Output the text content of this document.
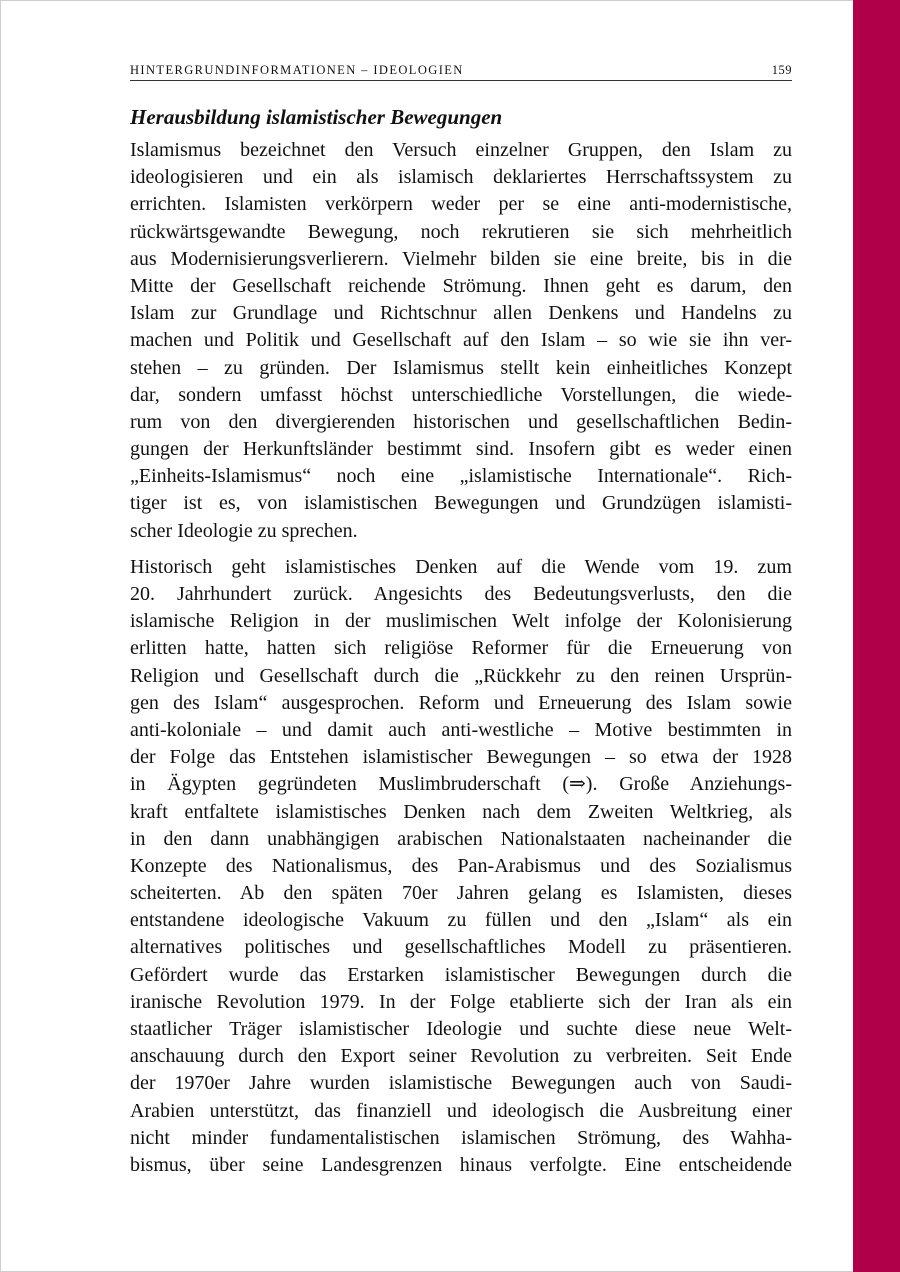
HINTERGRUNDINFORMATIONEN – IDEOLOGIEN	159
Herausbildung islamistischer Bewegungen
Islamismus bezeichnet den Versuch einzelner Gruppen, den Islam zu
ideologisieren und ein als islamisch deklariertes Herrschaftssystem zu
errichten. Islamisten verkörpern weder per se eine anti-modernistische,
rückwärtsgewandte Bewegung, noch rekrutieren sie sich mehrheitlich
aus Modernisierungsverlierern. Vielmehr bilden sie eine breite, bis in die
Mitte der Gesellschaft reichende Strömung. Ihnen geht es darum, den
Islam zur Grundlage und Richtschnur allen Denkens und Handelns zu
machen und Politik und Gesellschaft auf den Islam – so wie sie ihn ver-
stehen – zu gründen. Der Islamismus stellt kein einheitliches Konzept
dar, sondern umfasst höchst unterschiedliche Vorstellungen, die wiede-
rum von den divergierenden historischen und gesellschaftlichen Bedin-
gungen der Herkunftsländer bestimmt sind. Insofern gibt es weder einen
„Einheits-Islamismus“ noch eine „islamistische Internationale“. Rich-
tiger ist es, von islamistischen Bewegungen und Grundzügen islamisti-
scher Ideologie zu sprechen.
Historisch geht islamistisches Denken auf die Wende vom 19. zum
20. Jahrhundert zurück. Angesichts des Bedeutungsverlusts, den die
islamische Religion in der muslimischen Welt infolge der Kolonisierung
erlitten hatte, hatten sich religiöse Reformer für die Erneuerung von
Religion und Gesellschaft durch die „Rückkehr zu den reinen Ursprün-
gen des Islam“ ausgesprochen. Reform und Erneuerung des Islam sowie
anti-koloniale – und damit auch anti-westliche – Motive bestimmten in
der Folge das Entstehen islamistischer Bewegungen – so etwa der 1928
in Ägypten gegründeten Muslimbruderschaft (⇒). Große Anziehungs-
kraft entfaltete islamistisches Denken nach dem Zweiten Weltkrieg, als
in den dann unabhängigen arabischen Nationalstaaten nacheinander die
Konzepte des Nationalismus, des Pan-Arabismus und des Sozialismus
scheiterten. Ab den späten 70er Jahren gelang es Islamisten, dieses
entstandene ideologische Vakuum zu füllen und den „Islam“ als ein
alternatives politisches und gesellschaftliches Modell zu präsentieren.
Gefördert wurde das Erstarken islamistischer Bewegungen durch die
iranische Revolution 1979. In der Folge etablierte sich der Iran als ein
staatlicher Träger islamistischer Ideologie und suchte diese neue Welt-
anschauung durch den Export seiner Revolution zu verbreiten. Seit Ende
der 1970er Jahre wurden islamistische Bewegungen auch von Saudi-
Arabien unterstützt, das finanziell und ideologisch die Ausbreitung einer
nicht minder fundamentalistischen islamischen Strömung, des Wahha-
bismus, über seine Landesgrenzen hinaus verfolgte. Eine entscheidende
